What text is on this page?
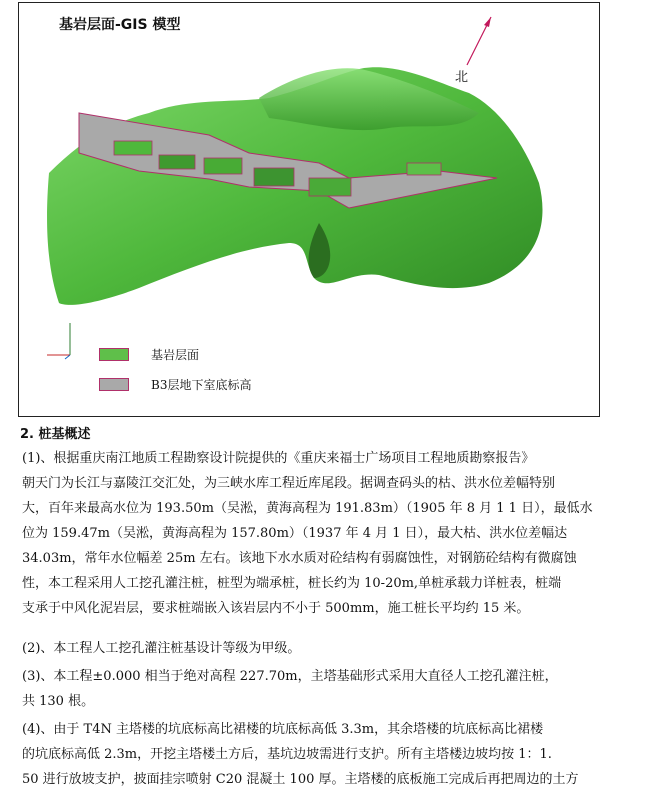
基岩层面-GIS 模型
北
基岩层面
B3层地下室底标高
2. 桩基概述
(1)、根据重庆南江地质工程勘察设计院提供的《重庆来福士广场项目工程地质勘察报告》
朝天门为长江与嘉陵江交汇处，为三峡水库工程近库尾段。据调查码头的枯、洪水位差幅特别
大，百年来最高水位为 193.50m（吴淞，黄海高程为 191.83m）（1905 年 8 月 1 1 日），最低水
位为 159.47m（吴淞，黄海高程为 157.80m）（1937 年 4 月 1 日），最大枯、洪水位差幅达
34.03m，常年水位幅差 25m 左右。该地下水水质对砼结构有弱腐蚀性，对钢筋砼结构有微腐蚀
性，本工程采用人工挖孔灌注桩，桩型为端承桩，桩长约为 10-20m,单桩承载力详桩表，桩端
支承于中风化泥岩层，要求桩端嵌入该岩层内不小于 500mm，施工桩长平均约 15 米。
(2)、本工程人工挖孔灌注桩基设计等级为甲级。
(3)、本工程±0.000 相当于绝对高程 227.70m，主塔基础形式采用大直径人工挖孔灌注桩，
共 130 根。
(4)、由于 T4N 主塔楼的坑底标高比裙楼的坑底标高低 3.3m，其余塔楼的坑底标高比裙楼
的坑底标高低 2.3m，开挖主塔楼土方后，基坑边坡需进行支护。所有主塔楼边坡均按 1：1.
50 进行放坡支护，披面挂宗喷射 C20 混凝土 100 厚。主塔楼的底板施工完成后再把周边的土方
